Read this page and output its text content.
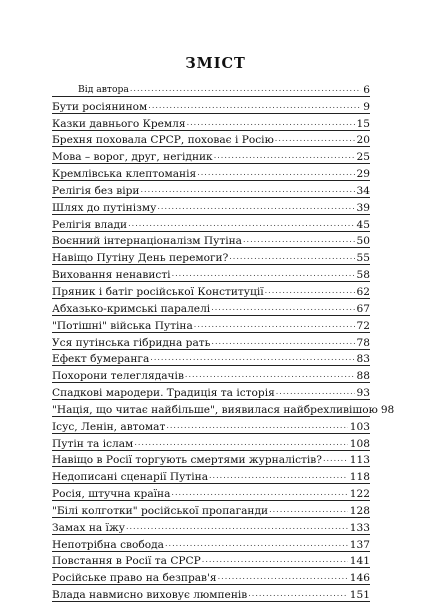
ЗМІСТ
Від автора .....	6
Бути росіянином .....	9
Казки давнього Кремля .....	15
Брехня поховала СРСР, поховає і Росію .....	20
Мова – ворог, друг, негідник .....	25
Кремлівська клептоманія .....	29
Релігія без віри .....	34
Шлях до путінізму .....	39
Релігія влади .....	45
Воєнний інтернаціоналізм Путіна .....	50
Навіщо Путіну День перемоги? .....	55
Виховання ненависті .....	58
Пряник і батіг російської Конституції .....	62
Абхазько-кримські паралелі .....	67
"Потішні" війська Путіна .....	72
Уся путінська гібридна рать .....	78
Ефект бумеранга .....	83
Похорони телеглядачів .....	88
Спадкові мародери. Традиція та історія .....	93
"Нація, що читає найбільше", виявилася найбрехливішою 98
Ісус, Ленін, автомат .....	103
Путін та іслам .....	108
Навіщо в Росії торгують смертями журналістів? .....	113
Недописані сценарії Путіна .....	118
Росія, штучна країна .....	122
"Білі колготки" російської пропаганди .....	128
Замах на їжу .....	133
Непотрібна свобода .....	137
Повстання в Росії та СРСР .....	141
Російське право на безправ'я .....	146
Влада навмисно виховує люмпенів .....	151
